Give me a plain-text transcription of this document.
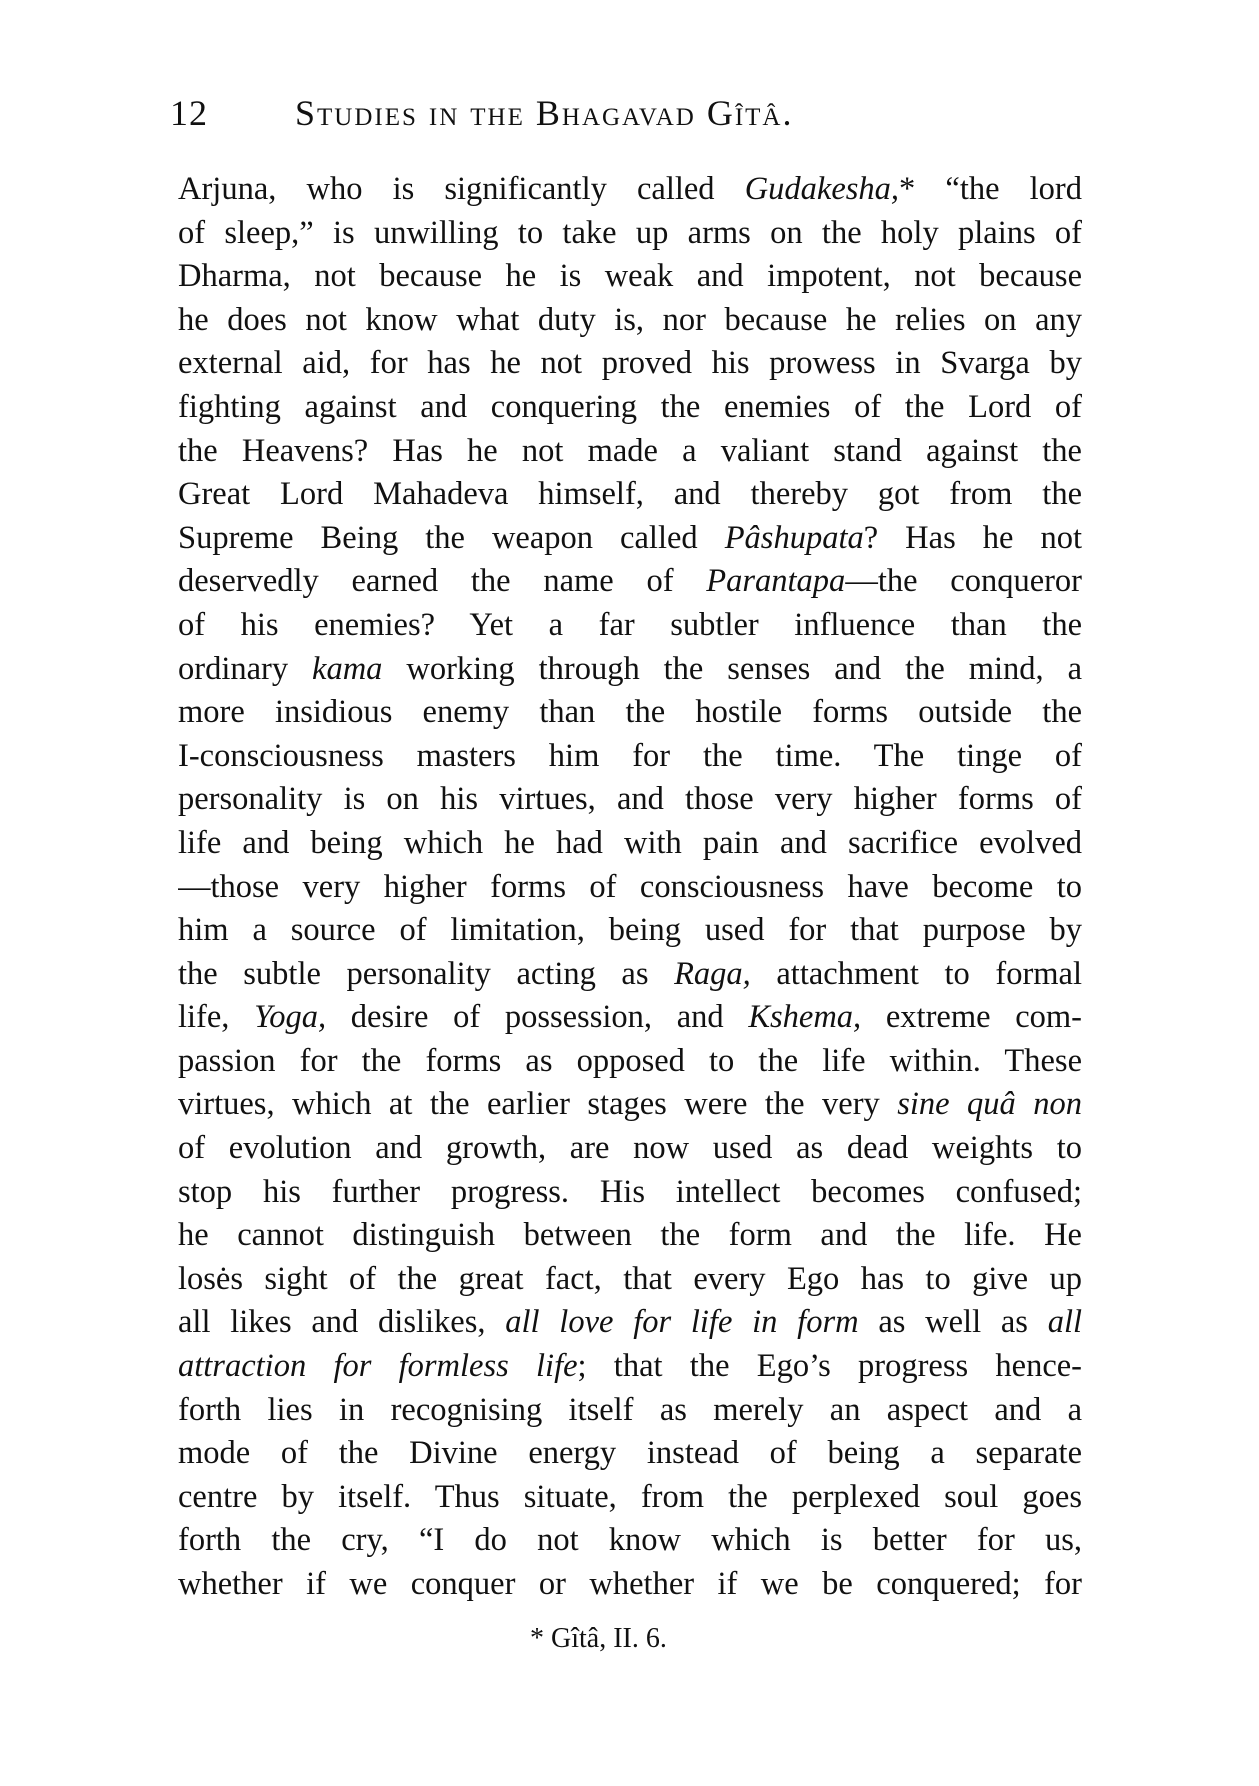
12 Studies in the Bhagavad Gîtâ.
Arjuna, who is significantly called Gudakesha,* “the lord
of sleep,” is unwilling to take up arms on the holy plains of
Dharma, not because he is weak and impotent, not because
he does not know what duty is, nor because he relies on any
external aid, for has he not proved his prowess in Svarga by
fighting against and conquering the enemies of the Lord of
the Heavens? Has he not made a valiant stand against the
Great Lord Mahadeva himself, and thereby got from the
Supreme Being the weapon called Pâshupata? Has he not
deservedly earned the name of Parantapa—the conqueror
of his enemies? Yet a far subtler influence than the
ordinary kama working through the senses and the mind, a
more insidious enemy than the hostile forms outside the
I-consciousness masters him for the time. The tinge of
personality is on his virtues, and those very higher forms of
life and being which he had with pain and sacrifice evolved
—those very higher forms of consciousness have become to
him a source of limitation, being used for that purpose by
the subtle personality acting as Raga, attachment to formal
life, Yoga, desire of possession, and Kshema, extreme com-
passion for the forms as opposed to the life within. These
virtues, which at the earlier stages were the very sine quâ non
of evolution and growth, are now used as dead weights to
stop his further progress. His intellect becomes confused;
he cannot distinguish between the form and the life. He
losės sight of the great fact, that every Ego has to give up
all likes and dislikes, all love for life in form as well as all
attraction for formless life; that the Ego’s progress hence-
forth lies in recognising itself as merely an aspect and a
mode of the Divine energy instead of being a separate
centre by itself. Thus situate, from the perplexed soul goes
forth the cry, “I do not know which is better for us,
whether if we conquer or whether if we be conquered; for
* Gîtâ, II. 6.
